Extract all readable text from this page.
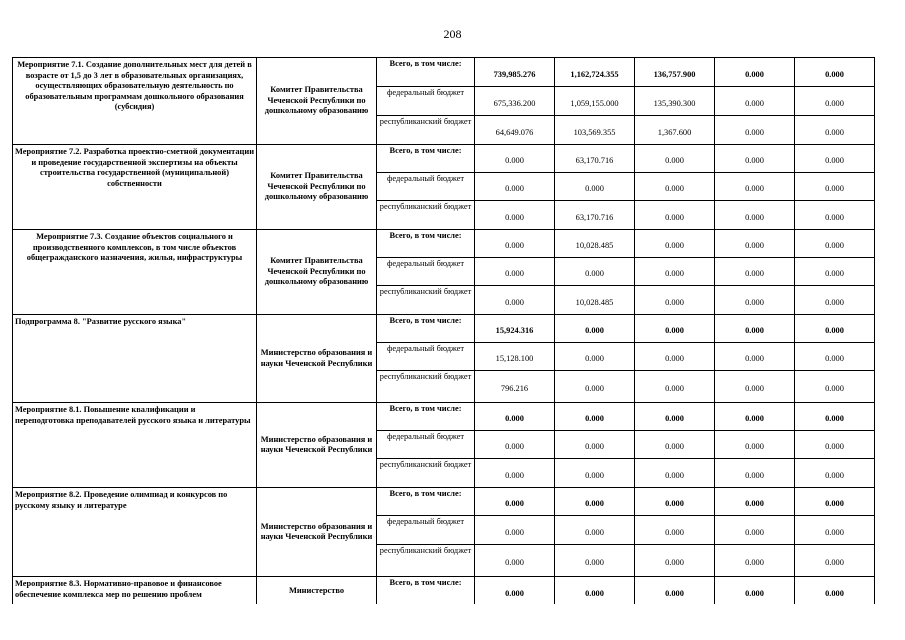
208
Мероприятие 7.1. Создание дополнительных мест для детей в возрасте от 1,5 до 3 лет в образовательных организациях, осуществляющих образовательную деятельность по образовательным программам дошкольного образования (субсидия)	Комитет Правительства Чеченской Республики по дошкольному образованию	Всего, в том числе:	739,985.276	1,162,724.355	136,757.900	0.000	0.000
		федеральный бюджет	675,336.200	1,059,155.000	135,390.300	0.000	0.000
		республиканский бюджет	64,649.076	103,569.355	1,367.600	0.000	0.000
Мероприятие 7.2. Разработка проектно-сметной документации и проведение государственной экспертизы на объекты строительства государственной (муниципальной) собственности	Комитет Правительства Чеченской Республики по дошкольному образованию	Всего, в том числе:	0.000	63,170.716	0.000	0.000	0.000
		федеральный бюджет	0.000	0.000	0.000	0.000	0.000
		республиканский бюджет	0.000	63,170.716	0.000	0.000	0.000
Мероприятие 7.3. Создание объектов социального и производственного комплексов, в том числе объектов общегражданского назначения, жилья, инфраструктуры	Комитет Правительства Чеченской Республики по дошкольному образованию	Всего, в том числе:	0.000	10,028.485	0.000	0.000	0.000
		федеральный бюджет	0.000	0.000	0.000	0.000	0.000
		республиканский бюджет	0.000	10,028.485	0.000	0.000	0.000
Подпрограмма 8. "Развитие русского языка"	Министерство образования и науки Чеченской Республики	Всего, в том числе:	15,924.316	0.000	0.000	0.000	0.000
		федеральный бюджет	15,128.100	0.000	0.000	0.000	0.000
		республиканский бюджет	796.216	0.000	0.000	0.000	0.000
Мероприятие 8.1. Повышение квалификации и переподготовка преподавателей русского языка и литературы	Министерство образования и науки Чеченской Республики	Всего, в том числе:	0.000	0.000	0.000	0.000	0.000
		федеральный бюджет	0.000	0.000	0.000	0.000	0.000
		республиканский бюджет	0.000	0.000	0.000	0.000	0.000
Мероприятие 8.2. Проведение олимпиад и конкурсов по русскому языку и литературе	Министерство образования и науки Чеченской Республики	Всего, в том числе:	0.000	0.000	0.000	0.000	0.000
		федеральный бюджет	0.000	0.000	0.000	0.000	0.000
		республиканский бюджет	0.000	0.000	0.000	0.000	0.000
Мероприятие 8.3. Нормативно-правовое и финансовое обеспечение комплекса мер по решению проблем	Министерство	Всего, в том числе:	0.000	0.000	0.000	0.000	0.000
